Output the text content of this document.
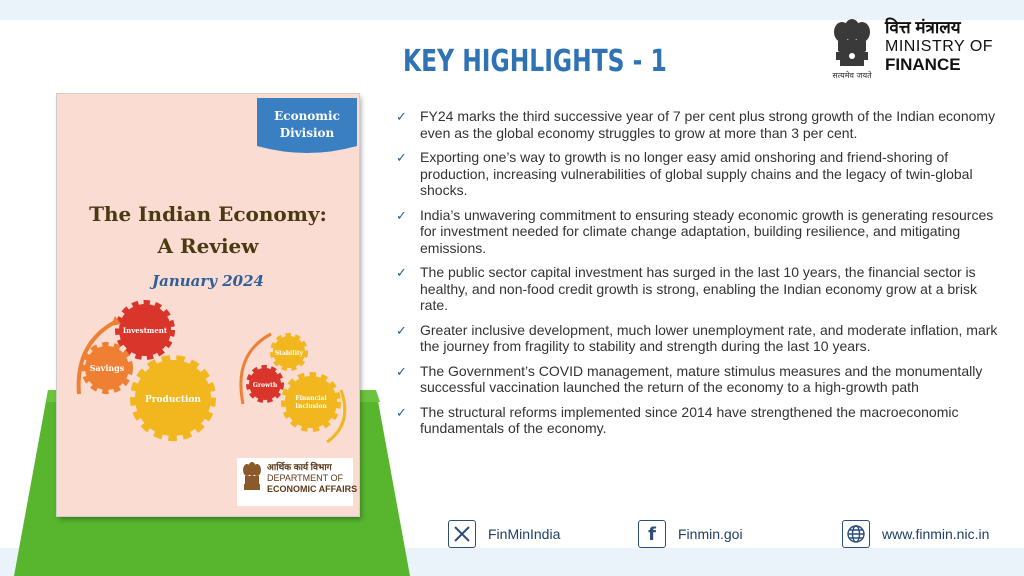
KEY HIGHLIGHTS - 1	सत्यमेव जयते
वित्त मंत्रालय
MINISTRY OF
FINANCE
Economic
Division
The Indian Economy:
A Review
January 2024
Investment
Savings
Production
Stability
Growth
Financial
Inclusion
आर्थिक कार्य विभाग
DEPARTMENT OF
ECONOMIC AFFAIRS
✓ FY24 marks the third successive year of 7 per cent plus strong growth of the Indian economy even as the global economy struggles to grow at more than 3 per cent.
✓ Exporting one’s way to growth is no longer easy amid onshoring and friend-shoring of production, increasing vulnerabilities of global supply chains and the legacy of twin-global shocks.
✓ India’s unwavering commitment to ensuring steady economic growth is generating resources for investment needed for climate change adaptation, building resilience, and mitigating emissions.
✓ The public sector capital investment has surged in the last 10 years, the financial sector is healthy, and non-food credit growth is strong, enabling the Indian economy grow at a brisk rate.
✓ Greater inclusive development, much lower unemployment rate, and moderate inflation, mark the journey from fragility to stability and strength during the last 10 years.
✓ The Government’s COVID management, mature stimulus measures and the monumentally successful vaccination launched the return of the economy to a high-growth path
✓ The structural reforms implemented since 2014 have strengthened the macroeconomic fundamentals of the economy.
FinMinIndia	f Finmin.goi	www.finmin.nic.in
